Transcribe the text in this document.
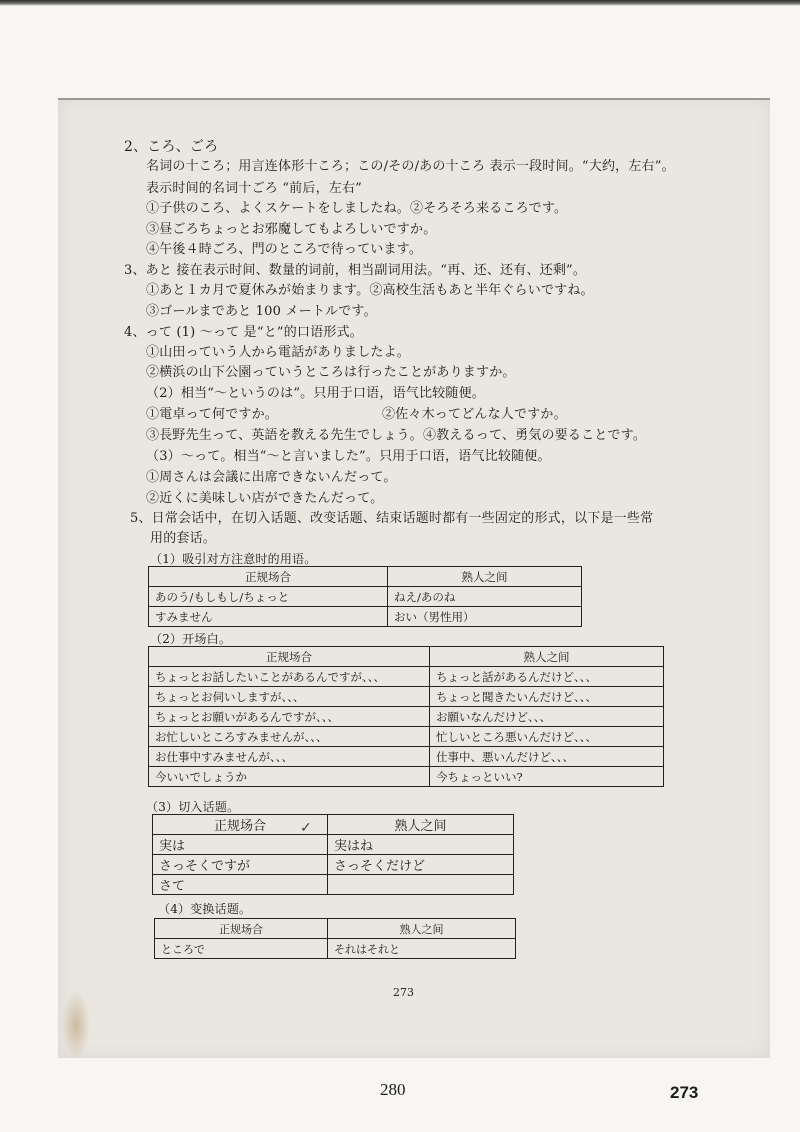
2、ころ、ごろ
名词の十ころ；用言连体形十ころ；この/その/あの十ころ 表示一段时间。“大约，左右”。
表示时间的名词十ごろ “前后，左右”
①子供のころ、よくスケートをしましたね。②そろそろ来るころです。
③昼ごろちょっとお邪魔してもよろしいですか。
④午後４時ごろ、門のところで待っています。
3、あと 接在表示时间、数量的词前，相当副词用法。“再、还、还有、还剩”。
①あと１カ月で夏休みが始まります。②高校生活もあと半年ぐらいですね。
③ゴールまであと 100 メートルです。
4、って (1) ～って 是“と”的口语形式。
①山田っていう人から電話がありましたよ。
②横浜の山下公園っていうところは行ったことがありますか。
（2）相当“～というのは”。只用于口语，语气比较随便。
①電卓って何ですか。	②佐々木ってどんな人ですか。
③長野先生って、英語を教える先生でしょう。④教えるって、勇気の要ることです。
（3）～って。相当“～と言いました”。只用于口语，语气比较随便。
①周さんは会議に出席できないんだって。
②近くに美味しい店ができたんだって。
5、日常会话中，在切入话题、改变话题、结束话题时都有一些固定的形式，以下是一些常
用的套话。
（1）吸引对方注意时的用语。
正规场合	熟人之间
あのう/もしもし/ちょっと	ねえ/あのね
すみません	おい（男性用）
（2）开场白。
正规场合	熟人之间
ちょっとお話したいことがあるんですが、、、	ちょっと話があるんだけど、、、
ちょっとお伺いしますが、、、	ちょっと聞きたいんだけど、、、
ちょっとお願いがあるんですが、、、	お願いなんだけど、、、
お忙しいところすみませんが、、、	忙しいところ悪いんだけど、、、
お仕事中すみませんが、、、	仕事中、悪いんだけど、、、
今いいでしょうか	今ちょっといい?
（3）切入话题。
正规场合	熟人之间
実は	実はね
さっそくですが	さっそくだけど
さて	
✓
（4）变换话题。
正规场合	熟人之间
ところで	それはそれと
273
280	273
